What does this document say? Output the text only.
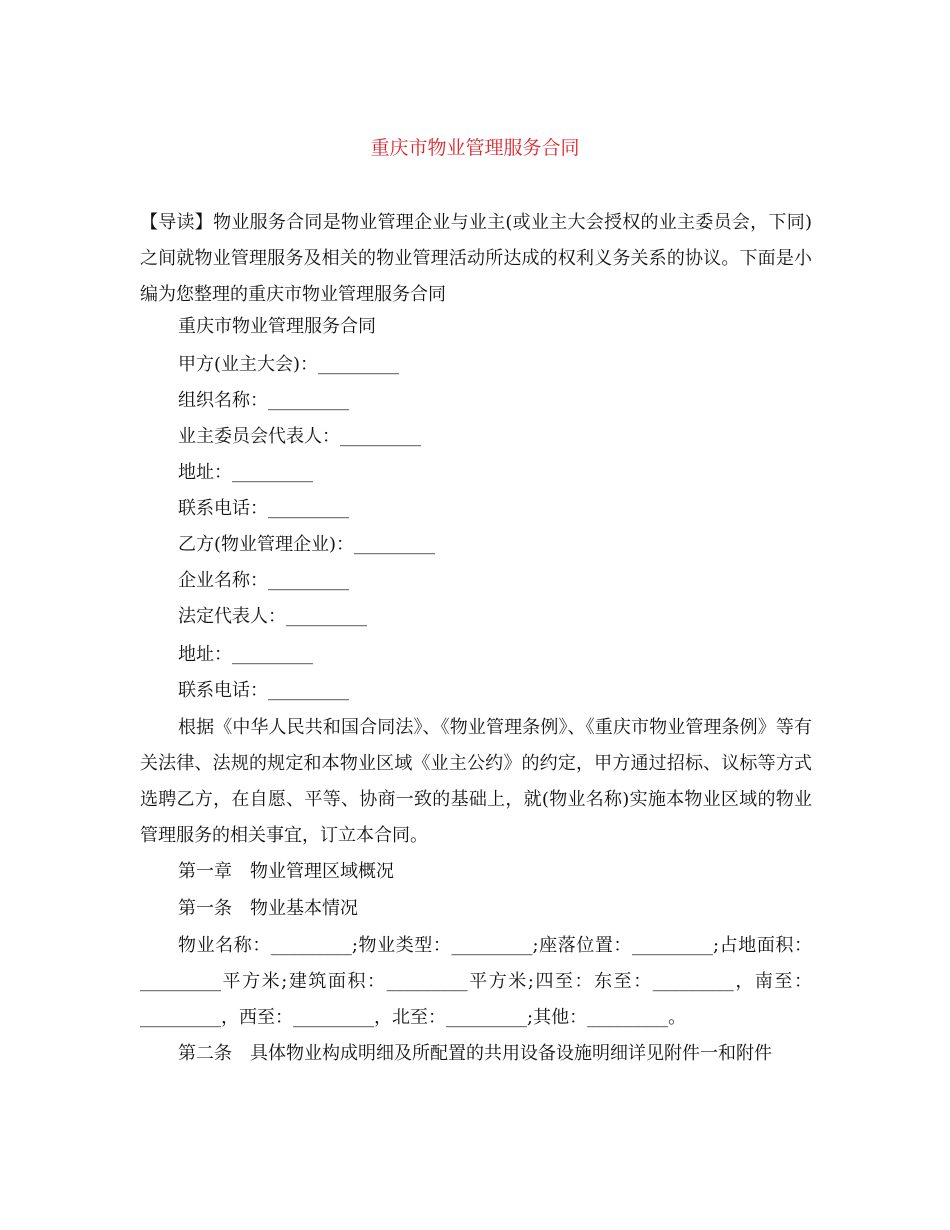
重庆市物业管理服务合同

【导读】物业服务合同是物业管理企业与业主(或业主大会授权的业主委员会，下同)之间就物业管理服务及相关的物业管理活动所达成的权利义务关系的协议。下面是小编为您整理的重庆市物业管理服务合同

重庆市物业管理服务合同

甲方(业主大会)：_________

组织名称：_________

业主委员会代表人：_________

地址：_________

联系电话：_________

乙方(物业管理企业)：_________

企业名称：_________

法定代表人：_________

地址：_________

联系电话：_________

根据《中华人民共和国合同法》、《物业管理条例》、《重庆市物业管理条例》等有关法律、法规的规定和本物业区域《业主公约》的约定，甲方通过招标、议标等方式选聘乙方，在自愿、平等、协商一致的基础上，就(物业名称)实施本物业区域的物业管理服务的相关事宜，订立本合同。

第一章　物业管理区域概况

第一条　物业基本情况

物业名称：_________;物业类型：_________;座落位置：_________;占地面积：_________平方米;建筑面积：_________平方米;四至：东至：_________，南至：_________，西至：_________，北至：_________;其他：_________。

第二条　具体物业构成明细及所配置的共用设备设施明细详见附件一和附件
